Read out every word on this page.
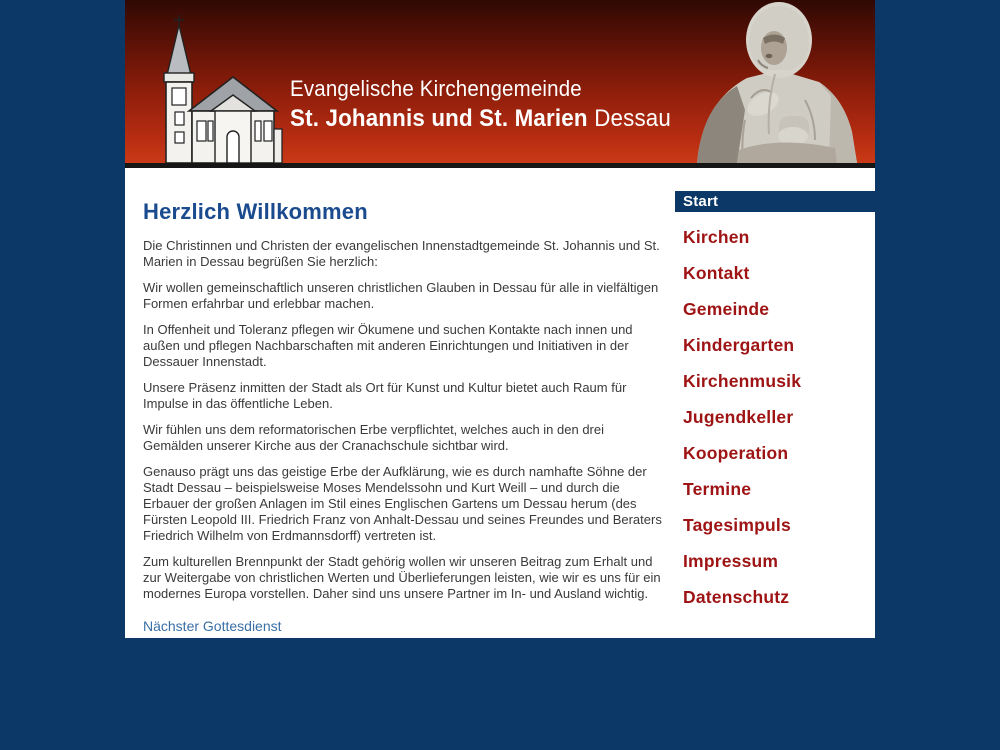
Evangelische Kirchengemeinde
St. Johannis und St. Marien Dessau
Herzlich Willkommen

Die Christinnen und Christen der evangelischen Innenstadtgemeinde St. Johannis und St. Marien in Dessau begrüßen Sie herzlich:

Wir wollen gemeinschaftlich unseren christlichen Glauben in Dessau für alle in vielfältigen Formen erfahrbar und erlebbar machen.

In Offenheit und Toleranz pflegen wir Ökumene und suchen Kontakte nach innen und außen und pflegen Nachbarschaften mit anderen Einrichtungen und Initiativen in der Dessauer Innenstadt.

Unsere Präsenz inmitten der Stadt als Ort für Kunst und Kultur bietet auch Raum für Impulse in das öffentliche Leben.

Wir fühlen uns dem reformatorischen Erbe verpflichtet, welches auch in den drei Gemälden unserer Kirche aus der Cranachschule sichtbar wird.

Genauso prägt uns das geistige Erbe der Aufklärung, wie es durch namhafte Söhne der Stadt Dessau – beispielsweise Moses Mendelssohn und Kurt Weill – und durch die Erbauer der großen Anlagen im Stil eines Englischen Gartens um Dessau herum (des Fürsten Leopold III. Friedrich Franz von Anhalt-Dessau und seines Freundes und Beraters Friedrich Wilhelm von Erdmannsdorff) vertreten ist.

Zum kulturellen Brennpunkt der Stadt gehörig wollen wir unseren Beitrag zum Erhalt und zur Weitergabe von christlichen Werten und Überlieferungen leisten, wie wir es uns für ein modernes Europa vorstellen. Daher sind uns unsere Partner im In- und Ausland wichtig.

Nächster Gottesdienst
Start
Kirchen
Kontakt
Gemeinde
Kindergarten
Kirchenmusik
Jugendkeller
Kooperation
Termine
Tagesimpuls
Impressum
Datenschutz
